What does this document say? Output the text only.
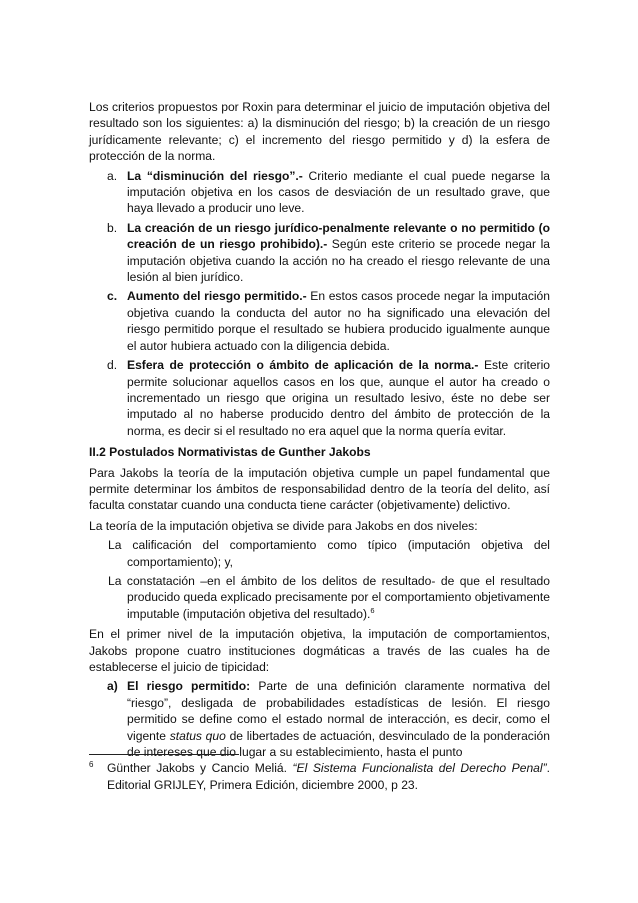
Los criterios propuestos por Roxin para determinar el juicio de imputación objetiva del resultado son los siguientes: a) la disminución del riesgo; b) la creación de un riesgo jurídicamente relevante; c) el incremento del riesgo permitido y d) la esfera de protección de la norma.

a. La “disminución del riesgo”.- Criterio mediante el cual puede negarse la imputación objetiva en los casos de desviación de un resultado grave, que haya llevado a producir uno leve.
b. La creación de un riesgo jurídico-penalmente relevante o no permitido (o creación de un riesgo prohibido).- Según este criterio se procede negar la imputación objetiva cuando la acción no ha creado el riesgo relevante de una lesión al bien jurídico.
c. Aumento del riesgo permitido.- En estos casos procede negar la imputación objetiva cuando la conducta del autor no ha significado una elevación del riesgo permitido porque el resultado se hubiera producido igualmente aunque el autor hubiera actuado con la diligencia debida.
d. Esfera de protección o ámbito de aplicación de la norma.- Este criterio permite solucionar aquellos casos en los que, aunque el autor ha creado o incrementado un riesgo que origina un resultado lesivo, éste no debe ser imputado al no haberse producido dentro del ámbito de protección de la norma, es decir si el resultado no era aquel que la norma quería evitar.

II.2 Postulados Normativistas de Gunther Jakobs

Para Jakobs la teoría de la imputación objetiva cumple un papel fundamental que permite determinar los ámbitos de responsabilidad dentro de la teoría del delito, así faculta constatar cuando una conducta tiene carácter (objetivamente) delictivo.

La teoría de la imputación objetiva se divide para Jakobs en dos niveles:

La calificación del comportamiento como típico (imputación objetiva del comportamiento); y,
La constatación –en el ámbito de los delitos de resultado- de que el resultado producido queda explicado precisamente por el comportamiento objetivamente imputable (imputación objetiva del resultado).$^6$

En el primer nivel de la imputación objetiva, la imputación de comportamientos, Jakobs propone cuatro instituciones dogmáticas a través de las cuales ha de establecerse el juicio de tipicidad:

a) El riesgo permitido: Parte de una definición claramente normativa del “riesgo”, desligada de probabilidades estadísticas de lesión. El riesgo permitido se define como el estado normal de interacción, es decir, como el vigente status quo de libertades de actuación, desvinculado de la ponderación de intereses que dio lugar a su establecimiento, hasta el punto
6	Günther Jakobs y Cancio Meliá. “El Sistema Funcionalista del Derecho Penal”. Editorial GRIJLEY, Primera Edición, diciembre 2000, p 23.
